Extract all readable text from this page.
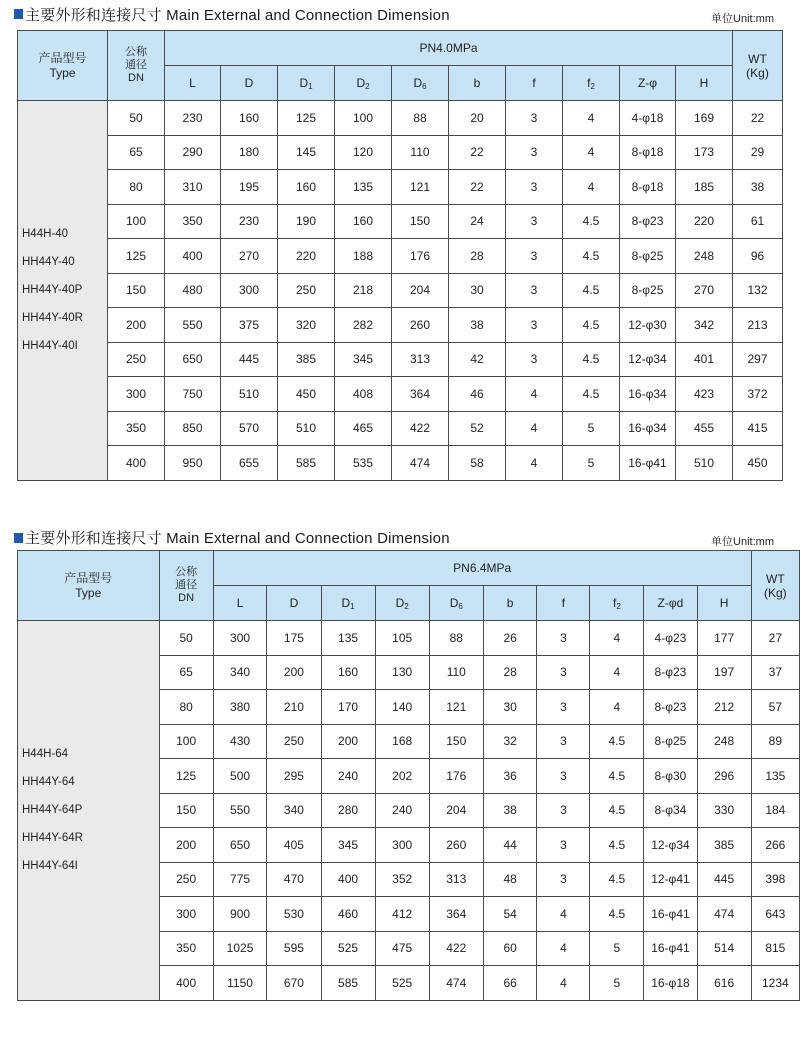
主要外形和连接尺寸 Main External and Connection Dimension	单位Unit:mm
产品型号
Type	公称
通径
DN	PN4.0MPa										WT
(Kg)
		L	D	$D_1$	$D_2$	$D_6$	b	f	$f_2$	Z-φ	H	

H44H-40
HH44Y-40
HH44Y-40P
HH44Y-40R
HH44Y-40I	50	230	160	125	100	88	20	3	4	4-φ18	169	22
	65	290	180	145	120	110	22	3	4	8-φ18	173	29
	80	310	195	160	135	121	22	3	4	8-φ18	185	38
	100	350	230	190	160	150	24	3	4.5	8-φ23	220	61
	125	400	270	220	188	176	28	3	4.5	8-φ25	248	96
	150	480	300	250	218	204	30	3	4.5	8-φ25	270	132
	200	550	375	320	282	260	38	3	4.5	12-φ30	342	213
	250	650	445	385	345	313	42	3	4.5	12-φ34	401	297
	300	750	510	450	408	364	46	4	4.5	16-φ34	423	372
	350	850	570	510	465	422	52	4	5	16-φ34	455	415
	400	950	655	585	535	474	58	4	5	16-φ41	510	450
主要外形和连接尺寸 Main External and Connection Dimension	单位Unit:mm
产品型号
Type	公称
通径
DN	PN6.4MPa										WT
(Kg)
		L	D	$D_1$	$D_2$	$D_6$	b	f	$f_2$	Z-φd	H	

H44H-64
HH44Y-64
HH44Y-64P
HH44Y-64R
HH44Y-64I	50	300	175	135	105	88	26	3	4	4-φ23	177	27
	65	340	200	160	130	110	28	3	4	8-φ23	197	37
	80	380	210	170	140	121	30	3	4	8-φ23	212	57
	100	430	250	200	168	150	32	3	4.5	8-φ25	248	89
	125	500	295	240	202	176	36	3	4.5	8-φ30	296	135
	150	550	340	280	240	204	38	3	4.5	8-φ34	330	184
	200	650	405	345	300	260	44	3	4.5	12-φ34	385	266
	250	775	470	400	352	313	48	3	4.5	12-φ41	445	398
	300	900	530	460	412	364	54	4	4.5	16-φ41	474	643
	350	1025	595	525	475	422	60	4	5	16-φ41	514	815
	400	1150	670	585	525	474	66	4	5	16-φ18	616	1234
